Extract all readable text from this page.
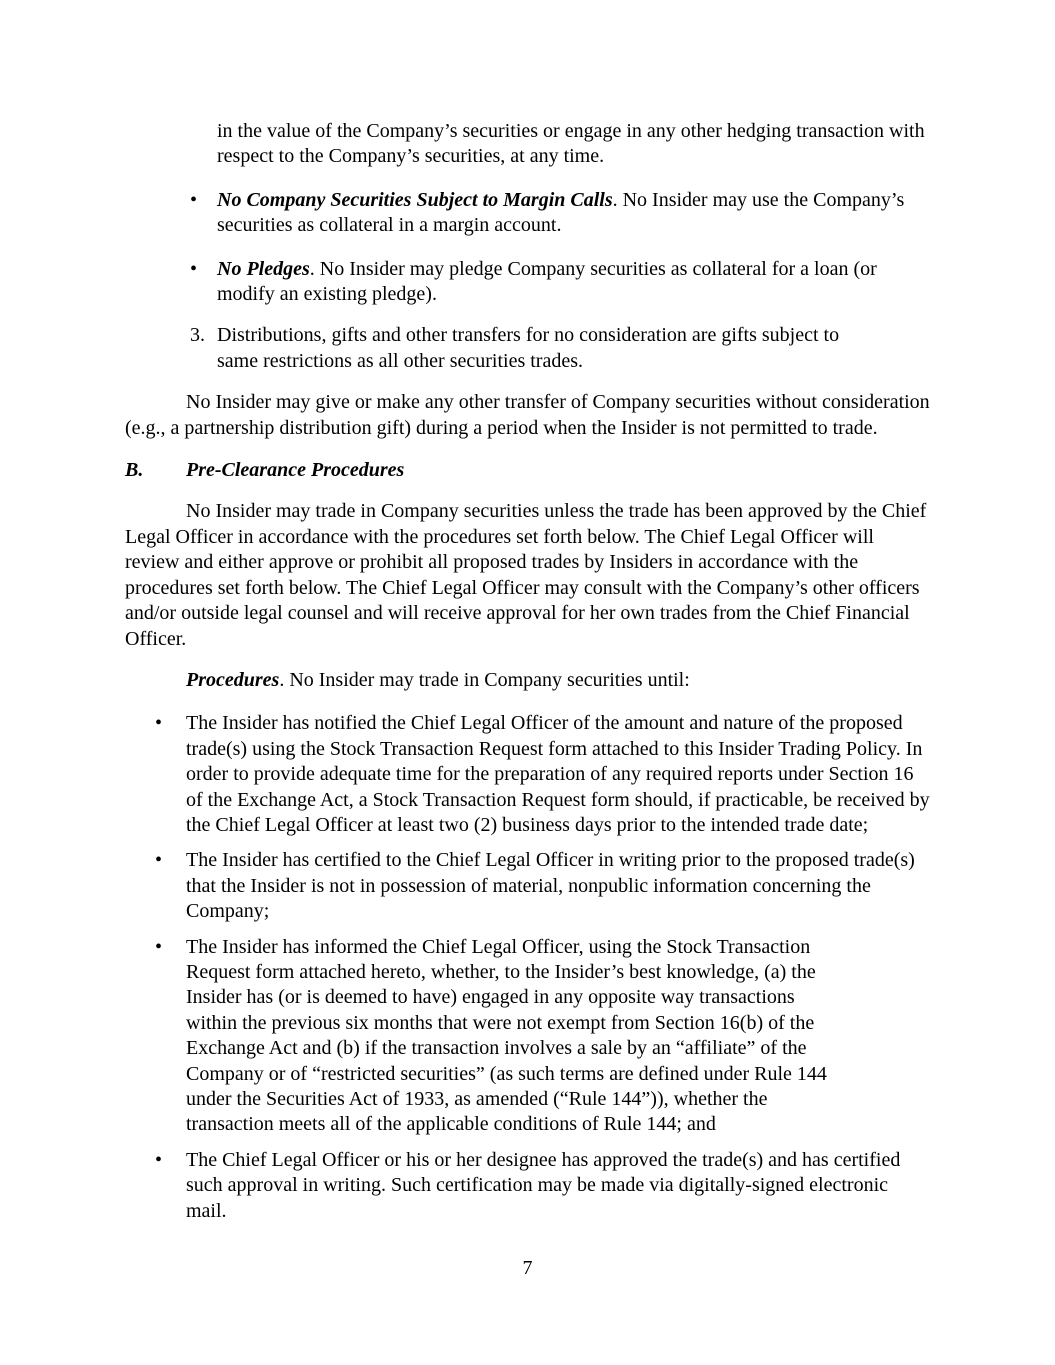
in the value of the Company’s securities or engage in any other hedging transaction with respect to the Company’s securities, at any time.

• No Company Securities Subject to Margin Calls. No Insider may use the Company’s securities as collateral in a margin account.
• No Pledges. No Insider may pledge Company securities as collateral for a loan (or modify an existing pledge).
3. Distributions, gifts and other transfers for no consideration are gifts subject to same restrictions as all other securities trades.

No Insider may give or make any other transfer of Company securities without consideration (e.g., a partnership distribution gift) during a period when the Insider is not permitted to trade.

B. Pre-Clearance Procedures

No Insider may trade in Company securities unless the trade has been approved by the Chief Legal Officer in accordance with the procedures set forth below. The Chief Legal Officer will review and either approve or prohibit all proposed trades by Insiders in accordance with the procedures set forth below. The Chief Legal Officer may consult with the Company’s other officers and/or outside legal counsel and will receive approval for her own trades from the Chief Financial Officer.

Procedures. No Insider may trade in Company securities until:

• The Insider has notified the Chief Legal Officer of the amount and nature of the proposed trade(s) using the Stock Transaction Request form attached to this Insider Trading Policy. In order to provide adequate time for the preparation of any required reports under Section 16 of the Exchange Act, a Stock Transaction Request form should, if practicable, be received by the Chief Legal Officer at least two (2) business days prior to the intended trade date;
• The Insider has certified to the Chief Legal Officer in writing prior to the proposed trade(s) that the Insider is not in possession of material, nonpublic information concerning the Company;
• The Insider has informed the Chief Legal Officer, using the Stock Transaction Request form attached hereto, whether, to the Insider’s best knowledge, (a) the Insider has (or is deemed to have) engaged in any opposite way transactions within the previous six months that were not exempt from Section 16(b) of the Exchange Act and (b) if the transaction involves a sale by an “affiliate” of the Company or of “restricted securities” (as such terms are defined under Rule 144 under the Securities Act of 1933, as amended (“Rule 144”)), whether the transaction meets all of the applicable conditions of Rule 144; and
• The Chief Legal Officer or his or her designee has approved the trade(s) and has certified such approval in writing. Such certification may be made via digitally-signed electronic mail.
7
